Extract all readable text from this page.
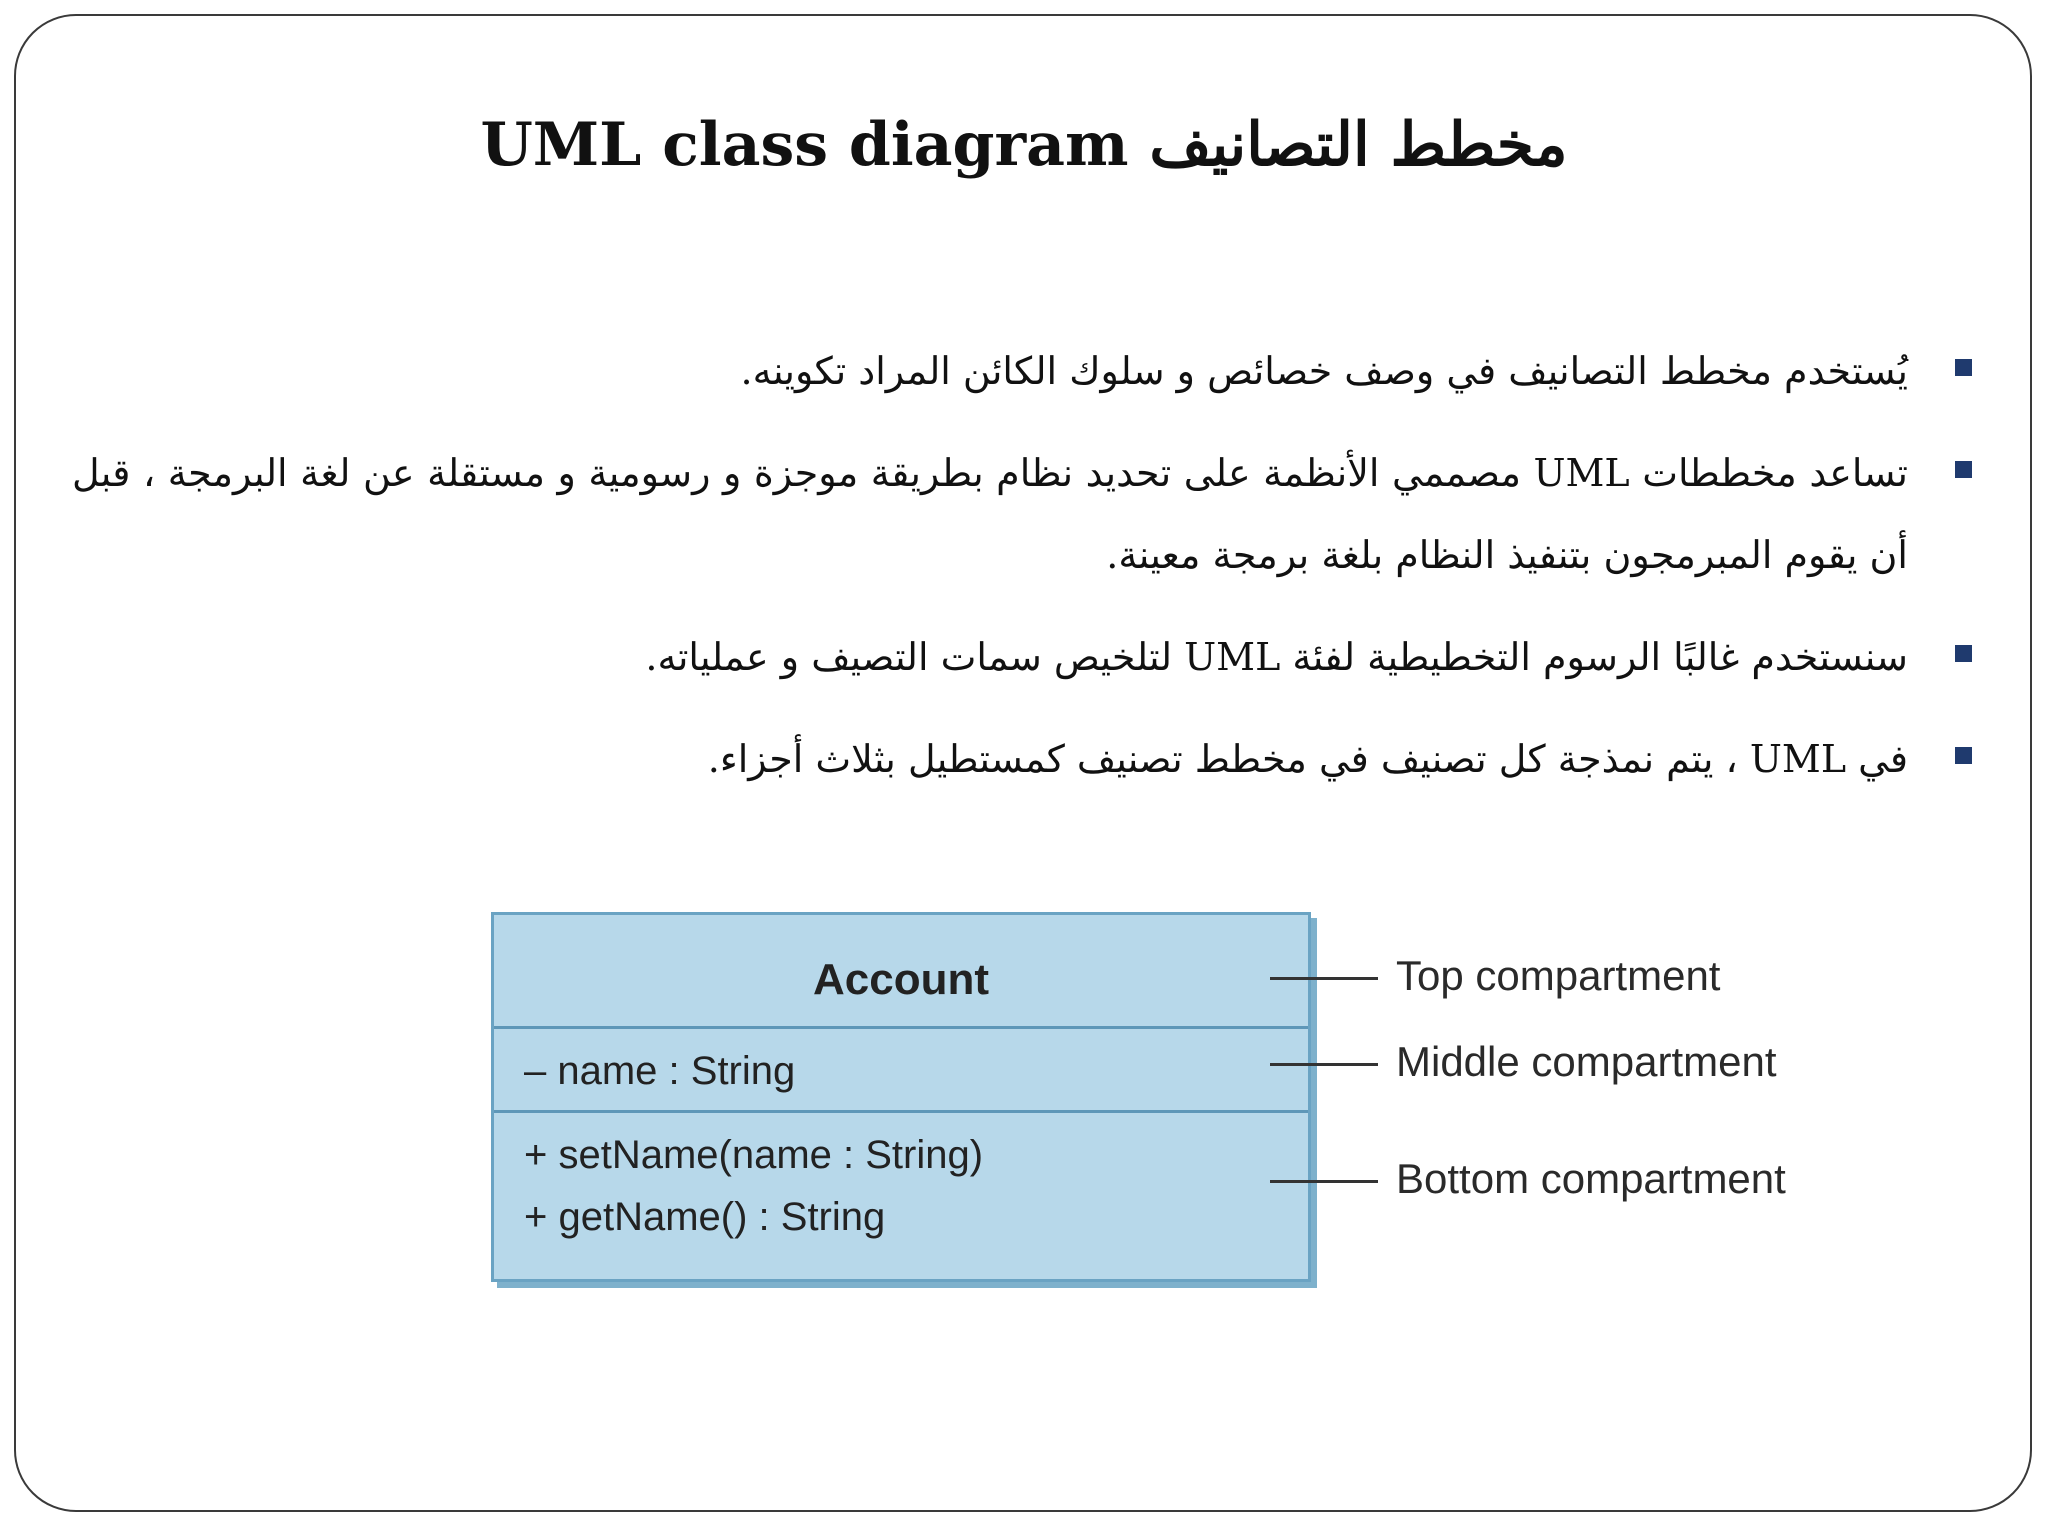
UML class diagram مخطط التصانيف
يُستخدم مخطط التصانيف في وصف خصائص و سلوك الكائن المراد تكوينه.
تساعد مخططات UML مصممي الأنظمة على تحديد نظام بطريقة موجزة و رسومية و مستقلة عن لغة البرمجة ، قبل أن يقوم المبرمجون بتنفيذ النظام بلغة برمجة معينة.
سنستخدم غالبًا الرسوم التخطيطية لفئة UML لتلخيص سمات التصيف و عملياته.
في UML ، يتم نمذجة كل تصنيف في مخطط تصنيف كمستطيل بثلاث أجزاء.
Account
– name : String
+ setName(name : String)
+ getName() : String
Top compartment
Middle compartment
Bottom compartment
